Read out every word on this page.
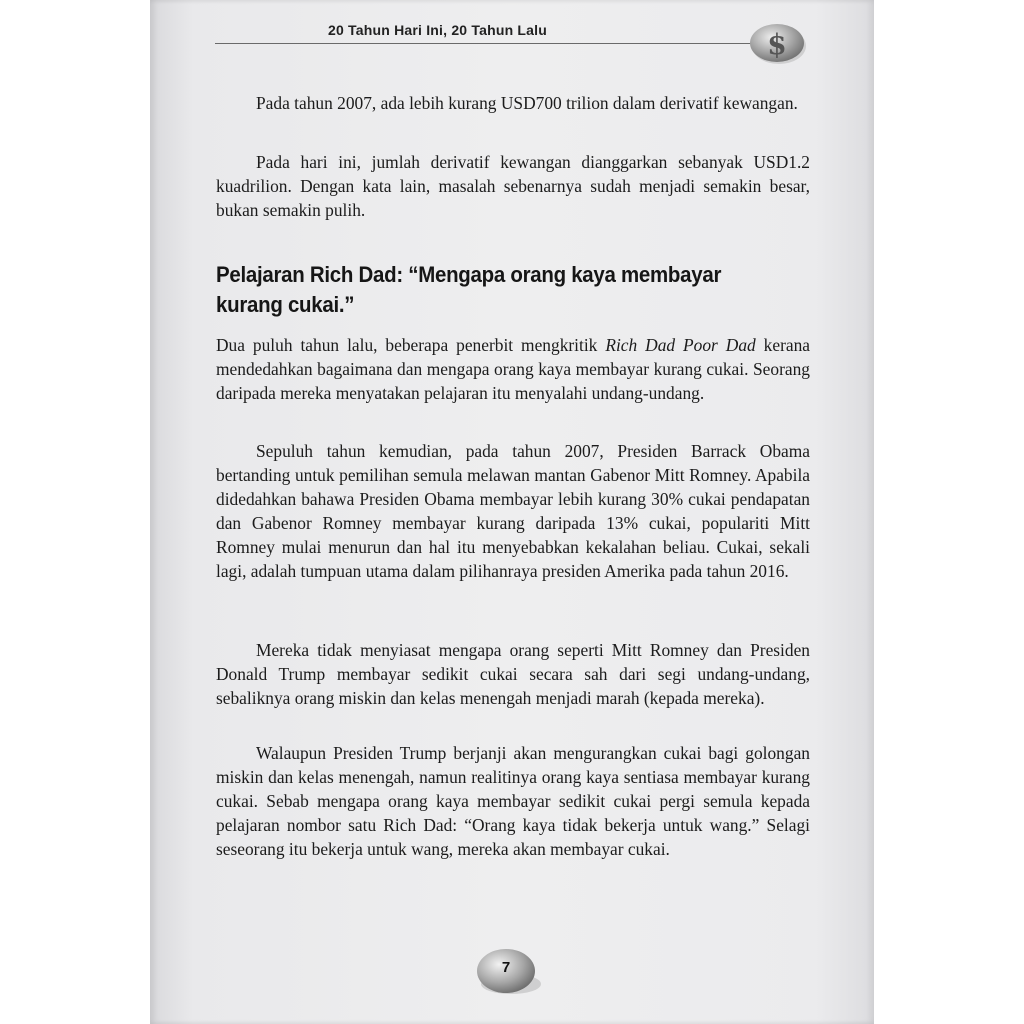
20 Tahun Hari Ini, 20 Tahun Lalu	$

Pada tahun 2007, ada lebih kurang USD700 trilion dalam derivatif kewangan.

Pada hari ini, jumlah derivatif kewangan dianggarkan sebanyak USD1.2 kuadrilion. Dengan kata lain, masalah sebenarnya sudah menjadi semakin besar, bukan semakin pulih.

Pelajaran Rich Dad: “Mengapa orang kaya membayar kurang cukai.”

Dua puluh tahun lalu, beberapa penerbit mengkritik Rich Dad Poor Dad kerana mendedahkan bagaimana dan mengapa orang kaya membayar kurang cukai. Seorang daripada mereka menyatakan pelajaran itu menyalahi undang-undang.

Sepuluh tahun kemudian, pada tahun 2007, Presiden Barrack Obama bertanding untuk pemilihan semula melawan mantan Gabenor Mitt Romney. Apabila didedahkan bahawa Presiden Obama membayar lebih kurang 30% cukai pendapatan dan Gabenor Romney membayar kurang daripada 13% cukai, populariti Mitt Romney mulai menurun dan hal itu menyebabkan kekalahan beliau. Cukai, sekali lagi, adalah tumpuan utama dalam pilihanraya presiden Amerika pada tahun 2016.

Mereka tidak menyiasat mengapa orang seperti Mitt Romney dan Presiden Donald Trump membayar sedikit cukai secara sah dari segi undang-undang, sebaliknya orang miskin dan kelas menengah menjadi marah (kepada mereka).

Walaupun Presiden Trump berjanji akan mengurangkan cukai bagi golongan miskin dan kelas menengah, namun realitinya orang kaya sentiasa membayar kurang cukai. Sebab mengapa orang kaya membayar sedikit cukai pergi semula kepada pelajaran nombor satu Rich Dad: “Orang kaya tidak bekerja untuk wang.” Selagi seseorang itu bekerja untuk wang, mereka akan membayar cukai.

7
